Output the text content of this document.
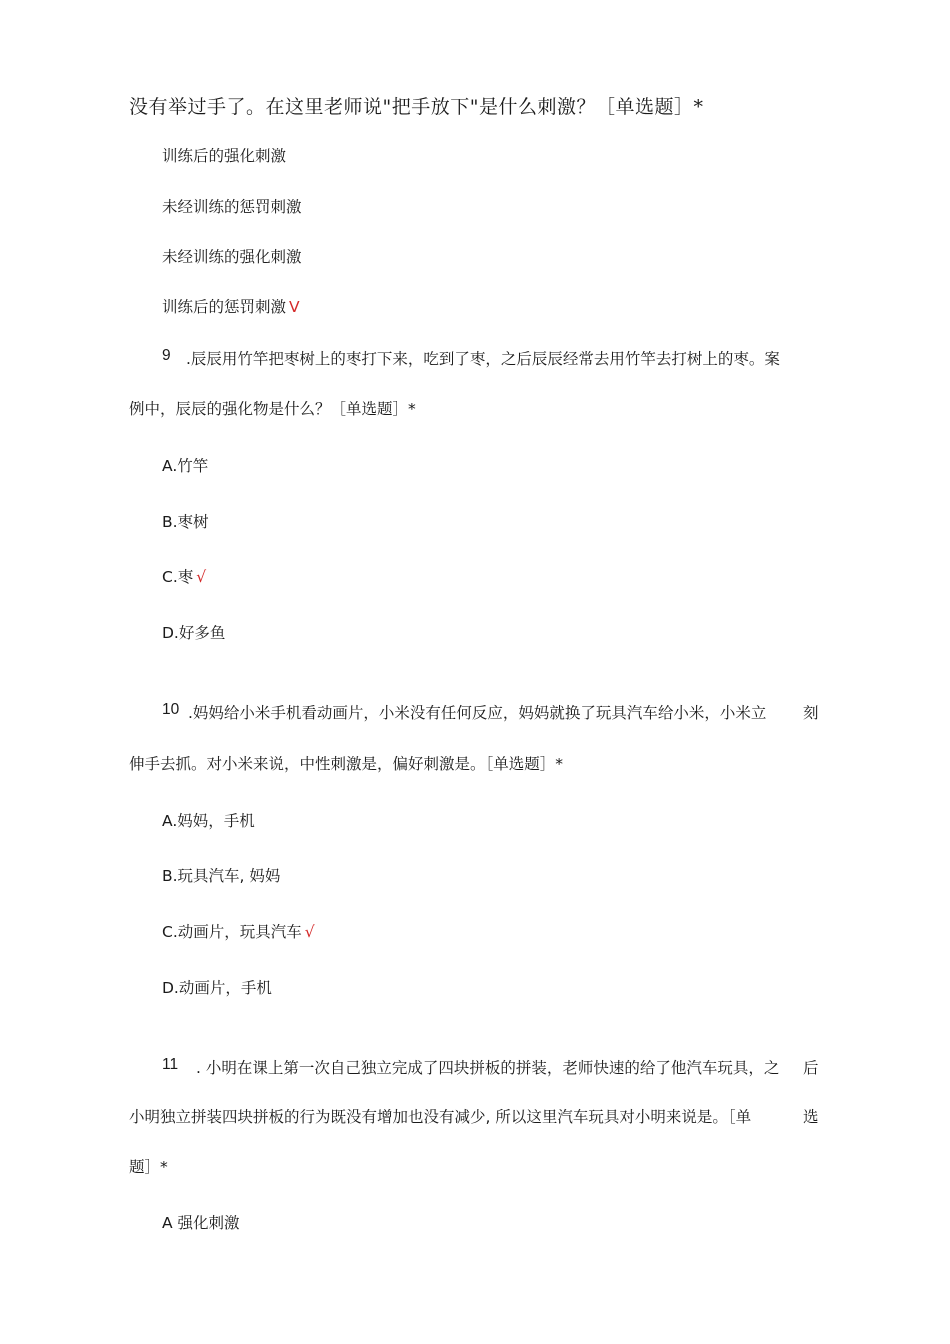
没有举过手了。在这里老师说"把手放下"是什么刺激？［单选题］*
训练后的强化刺激
未经训练的惩罚刺激
未经训练的强化刺激
训练后的惩罚刺激 V
9 .辰辰用竹竿把枣树上的枣打下来，吃到了枣，之后辰辰经常去用竹竿去打树上的枣。案
例中，辰辰的强化物是什么？［单选题］*
A.竹竿
B.枣树
C.枣 √
D.好多鱼
10 .妈妈给小米手机看动画片，小米没有任何反应，妈妈就换了玩具汽车给小米，小米立 刻
伸手去抓。对小米来说，中性刺激是，偏好刺激是。［单选题］*
A.妈妈，手机
B.玩具汽车, 妈妈
C.动画片，玩具汽车 √
D.动画片，手机
11 . 小明在课上第一次自己独立完成了四块拼板的拼装，老师快速的给了他汽车玩具，之 后
小明独立拼装四块拼板的行为既没有增加也没有减少, 所以这里汽车玩具对小明来说是。［单	选
题］*
A 强化刺激
